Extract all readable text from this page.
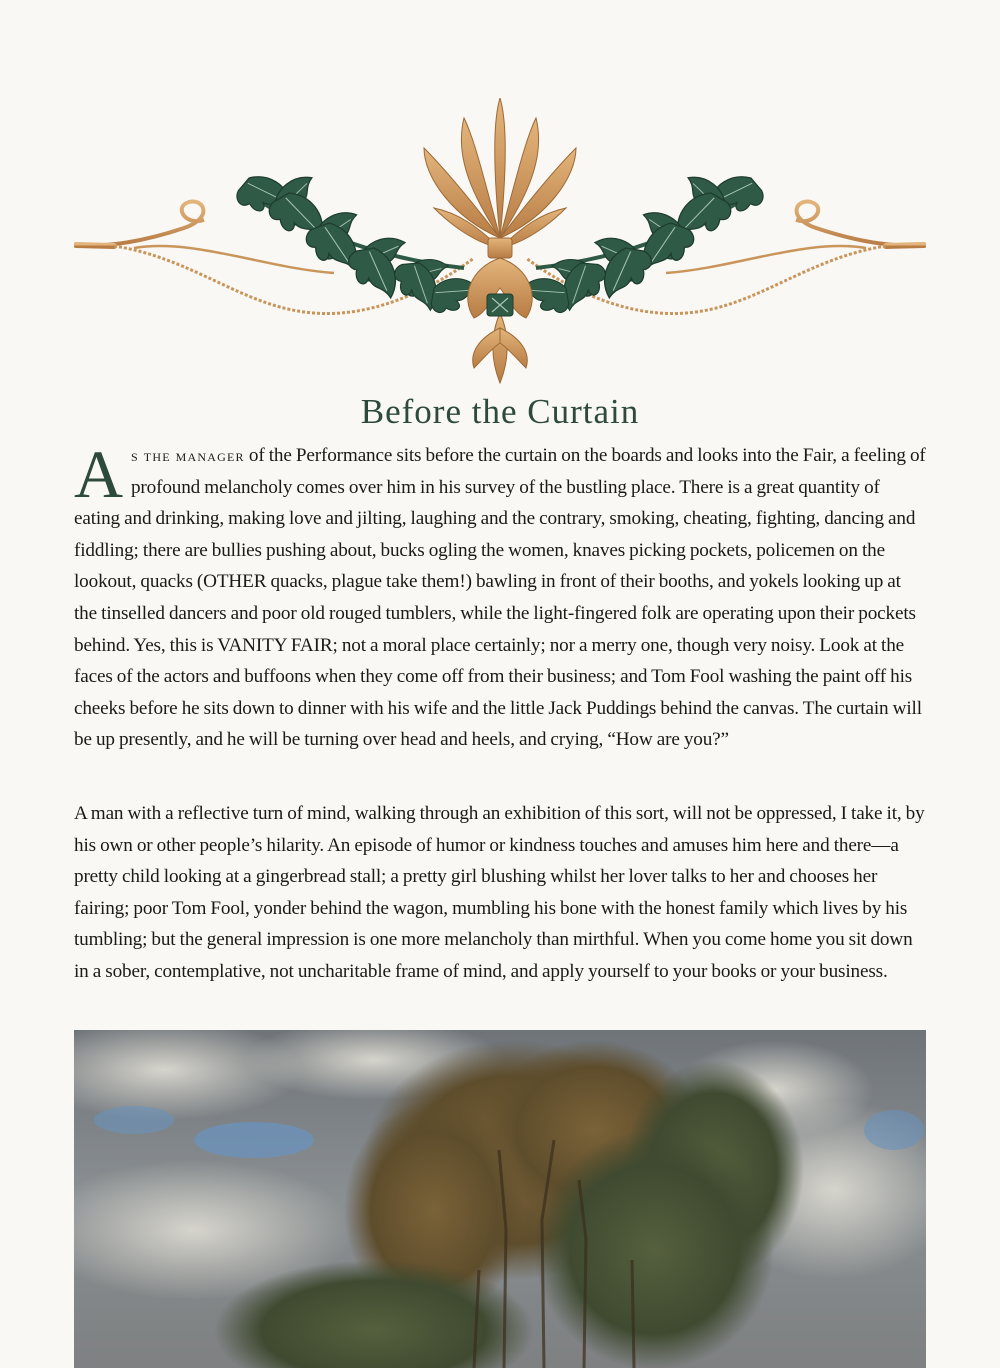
Before the Curtain

As the manager of the Performance sits before the curtain on the boards and looks into the Fair, a feeling of profound melancholy comes over him in his survey of the bustling place. There is a great quantity of eating and drinking, making love and jilting, laughing and the contrary, smoking, cheating, fighting, dancing and fiddling; there are bullies pushing about, bucks ogling the women, knaves picking pockets, policemen on the lookout, quacks (OTHER quacks, plague take them!) bawling in front of their booths, and yokels looking up at the tinselled dancers and poor old rouged tumblers, while the light-fingered folk are operating upon their pockets behind. Yes, this is VANITY FAIR; not a moral place certainly; nor a merry one, though very noisy. Look at the faces of the actors and buffoons when they come off from their business; and Tom Fool washing the paint off his cheeks before he sits down to dinner with his wife and the little Jack Puddings behind the canvas. The curtain will be up presently, and he will be turning over head and heels, and crying, “How are you?”

A man with a reflective turn of mind, walking through an exhibition of this sort, will not be oppressed, I take it, by his own or other people’s hilarity. An episode of humor or kindness touches and amuses him here and there—a pretty child looking at a gingerbread stall; a pretty girl blushing whilst her lover talks to her and chooses her fairing; poor Tom Fool, yonder behind the wagon, mumbling his bone with the honest family which lives by his tumbling; but the general impression is one more melancholy than mirthful. When you come home you sit down in a sober, contemplative, not uncharitable frame of mind, and apply yourself to your books or your business.
